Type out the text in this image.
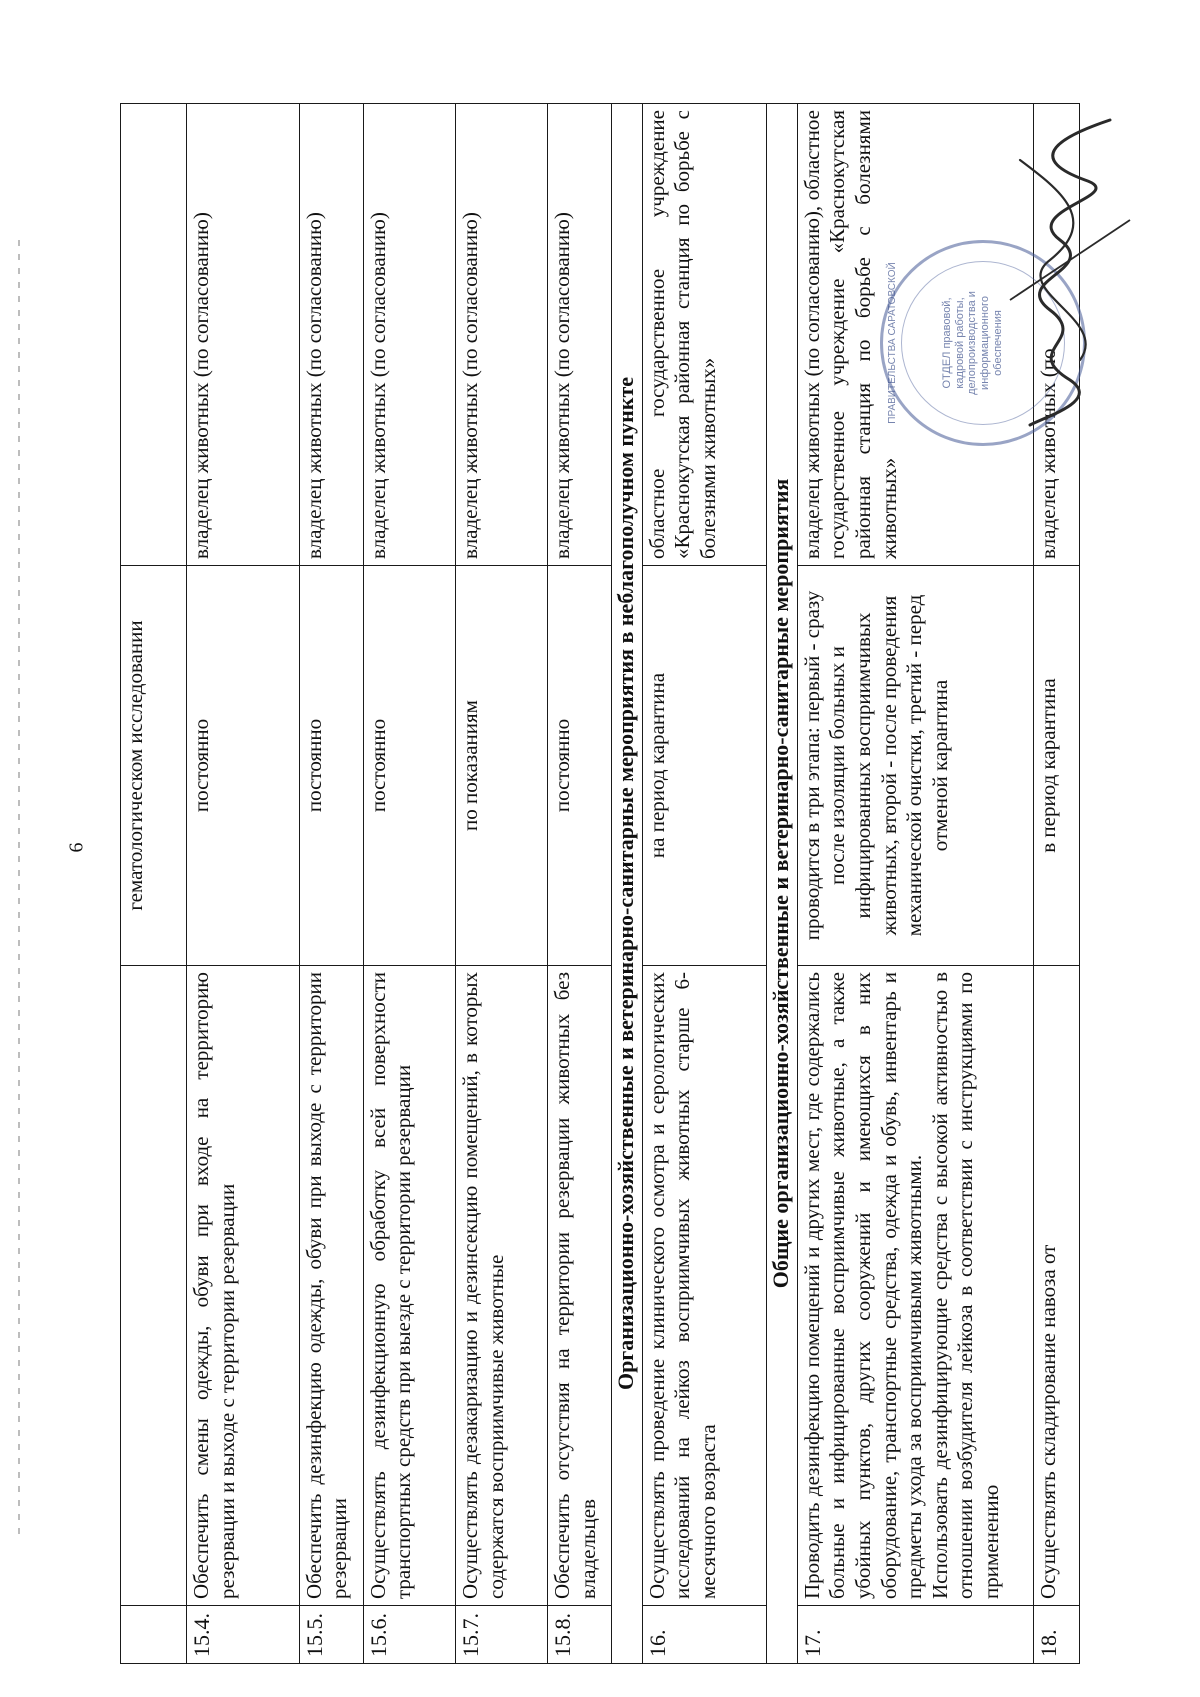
6
		гематологическом исследовании	
15.4.	Обеспечить смены одежды, обуви при входе на территорию резервации и выходе с территории резервации	постоянно	владелец животных (по согласованию)
15.5.	Обеспечить дезинфекцию одежды, обуви при выходе с территории резервации	постоянно	владелец животных (по согласованию)
15.6.	Осуществлять дезинфекционную обработку всей поверхности транспортных средств при выезде с территории резервации	постоянно	владелец животных (по согласованию)
15.7.	Осуществлять дезакаризацию и дезинсекцию помещений, в которых содержатся восприимчивые животные	по показаниям	владелец животных (по согласованию)
15.8.	Обеспечить отсутствия на территории резервации животных без владельцев	постоянно	владелец животных (по согласованию)
Организационно-хозяйственные и ветеринарно-санитарные мероприятия в неблагополучном пункте			
16.	Осуществлять проведение клинического осмотра и серологических исследований на лейкоз восприимчивых животных старше 6-месячного возраста	на период карантина	областное государственное учреждение «Краснокутская районная станция по борьбе с болезнями животных»
Общие организационно-хозяйственные и ветеринарно-санитарные мероприятия			
17.	Проводить дезинфекцию помещений и других мест, где содержались больные и инфицированные восприимчивые животные, а также убойных пунктов, других сооружений и имеющихся в них оборудование, транспортные средства, одежда и обувь, инвентарь и предметы ухода за восприимчивыми животными. Использовать дезинфицирующие средства с высокой активностью в отношении возбудителя лейкоза в соответствии с инструкциями по применению	проводится в три этапа: первый - сразу после изоляции больных и инфицированных восприимчивых животных, второй - после проведения механической очистки, третий - перед отменой карантина	владелец животных (по согласованию), областное государственное учреждение «Краснокутская районная станция по борьбе с болезнями животных»
18.	Осуществлять складирование навоза от	в период карантина	владелец животных (по
ПРАВИТЕЛЬСТВА САРАТОВСКОЙ	ОТДЕЛ правовой, кадровой работы, делопроизводства и информационного обеспечения
